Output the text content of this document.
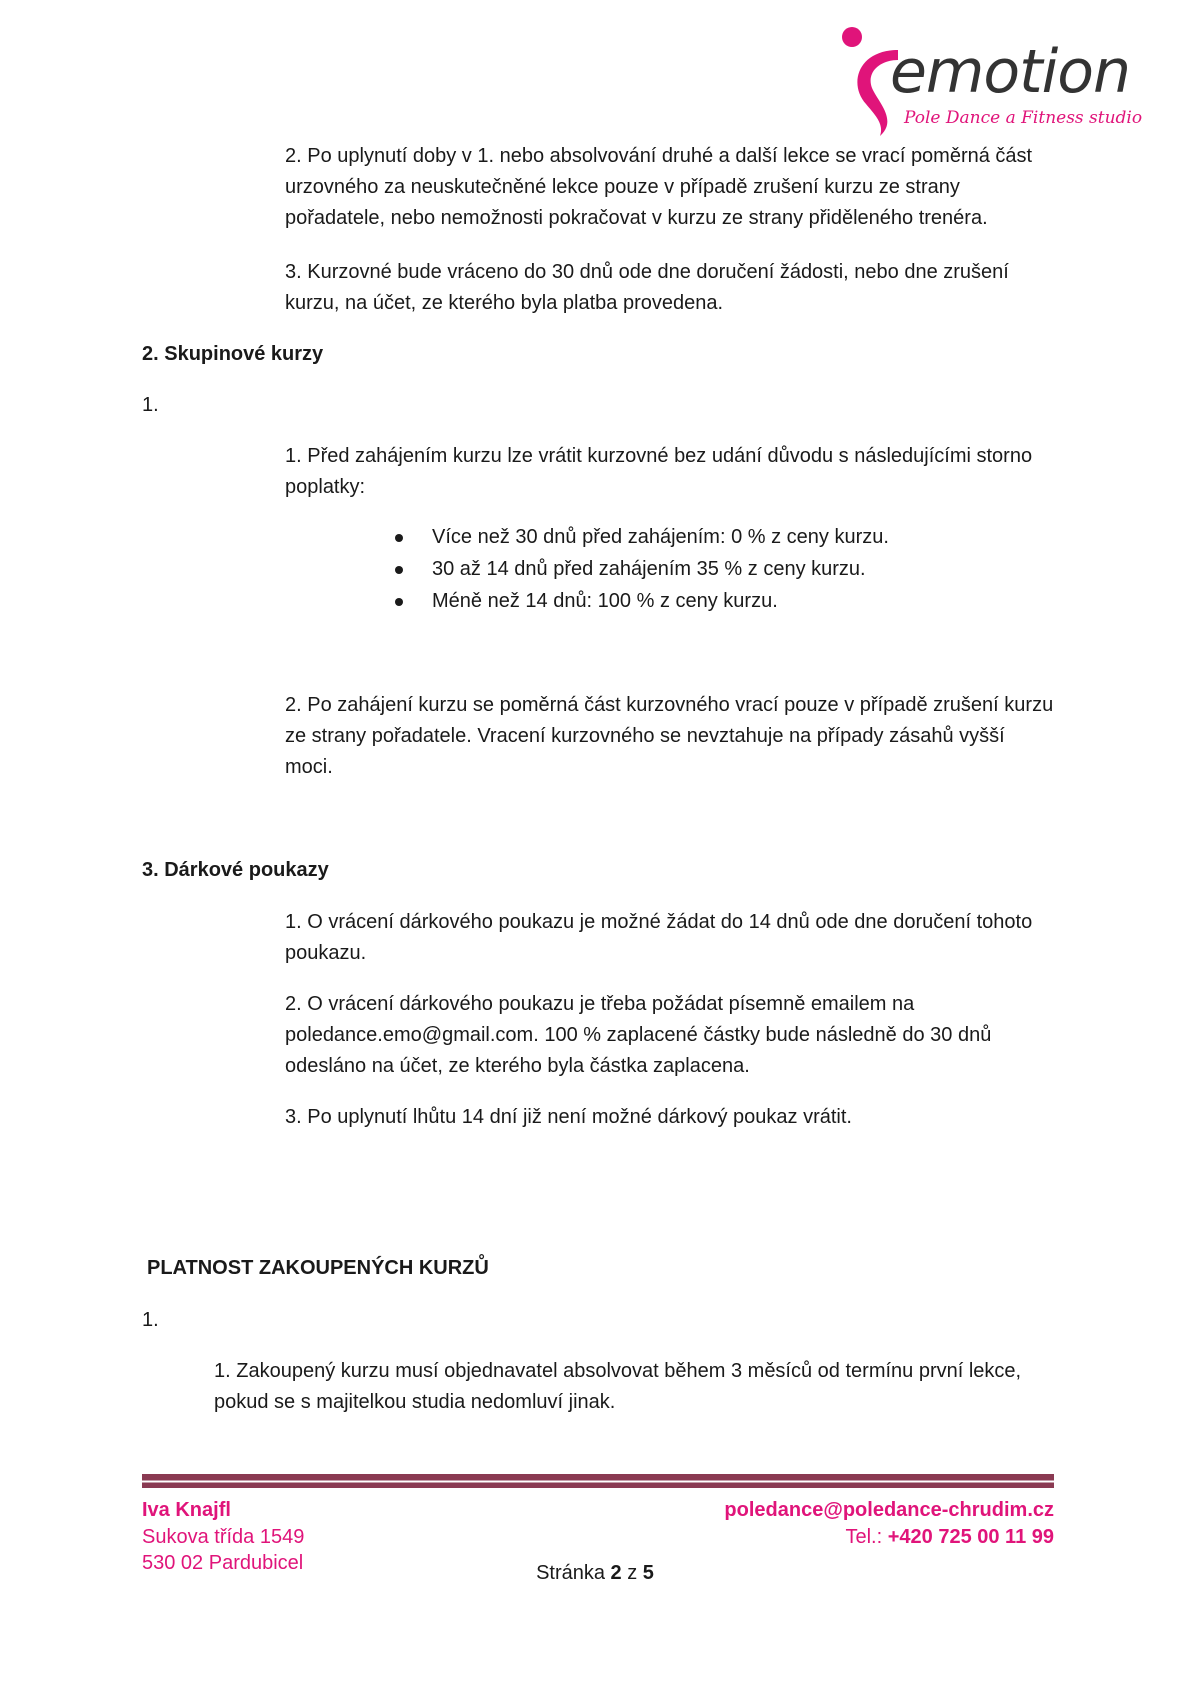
emotion
Pole Dance a Fitness studio

2. Po uplynutí doby v 1. nebo absolvování druhé a další lekce se vrací poměrná část

urzovného za neuskutečněné lekce pouze v případě zrušení kurzu ze strany

pořadatele, nebo nemožnosti pokračovat v kurzu ze strany přiděleného trenéra.

3. Kurzovné bude vráceno do 30 dnů ode dne doručení žádosti, nebo dne zrušení

kurzu, na účet, ze kterého byla platba provedena.

2. Skupinové kurzy

1.

1. Před zahájením kurzu lze vrátit kurzovné bez udání důvodu s následujícími storno

poplatky:

Více než 30 dnů před zahájením: 0 % z ceny kurzu.
30 až 14 dnů před zahájením 35 % z ceny kurzu.
Méně než 14 dnů: 100 % z ceny kurzu.

2. Po zahájení kurzu se poměrná část kurzovného vrací pouze v případě zrušení kurzu

ze strany pořadatele. Vracení kurzovného se nevztahuje na případy zásahů vyšší

moci.

3. Dárkové poukazy

1. O vrácení dárkového poukazu je možné žádat do 14 dnů ode dne doručení tohoto

poukazu.

2. O vrácení dárkového poukazu je třeba požádat písemně emailem na

poledance.emo@gmail.com. 100 % zaplacené částky bude následně do 30 dnů

odesláno na účet, ze kterého byla částka zaplacena.

3. Po uplynutí lhůtu 14 dní již není možné dárkový poukaz vrátit.

PLATNOST ZAKOUPENÝCH KURZŮ

1.

1. Zakoupený kurzu musí objednavatel absolvovat během 3 měsíců od termínu první lekce,

pokud se s majitelkou studia nedomluví jinak.

Iva Knajfl

Sukova třída 1549

530 02 Pardubicel

poledance@poledance-chrudim.cz

Tel.: +420 725 00 11 99

Stránka 2 z 5
